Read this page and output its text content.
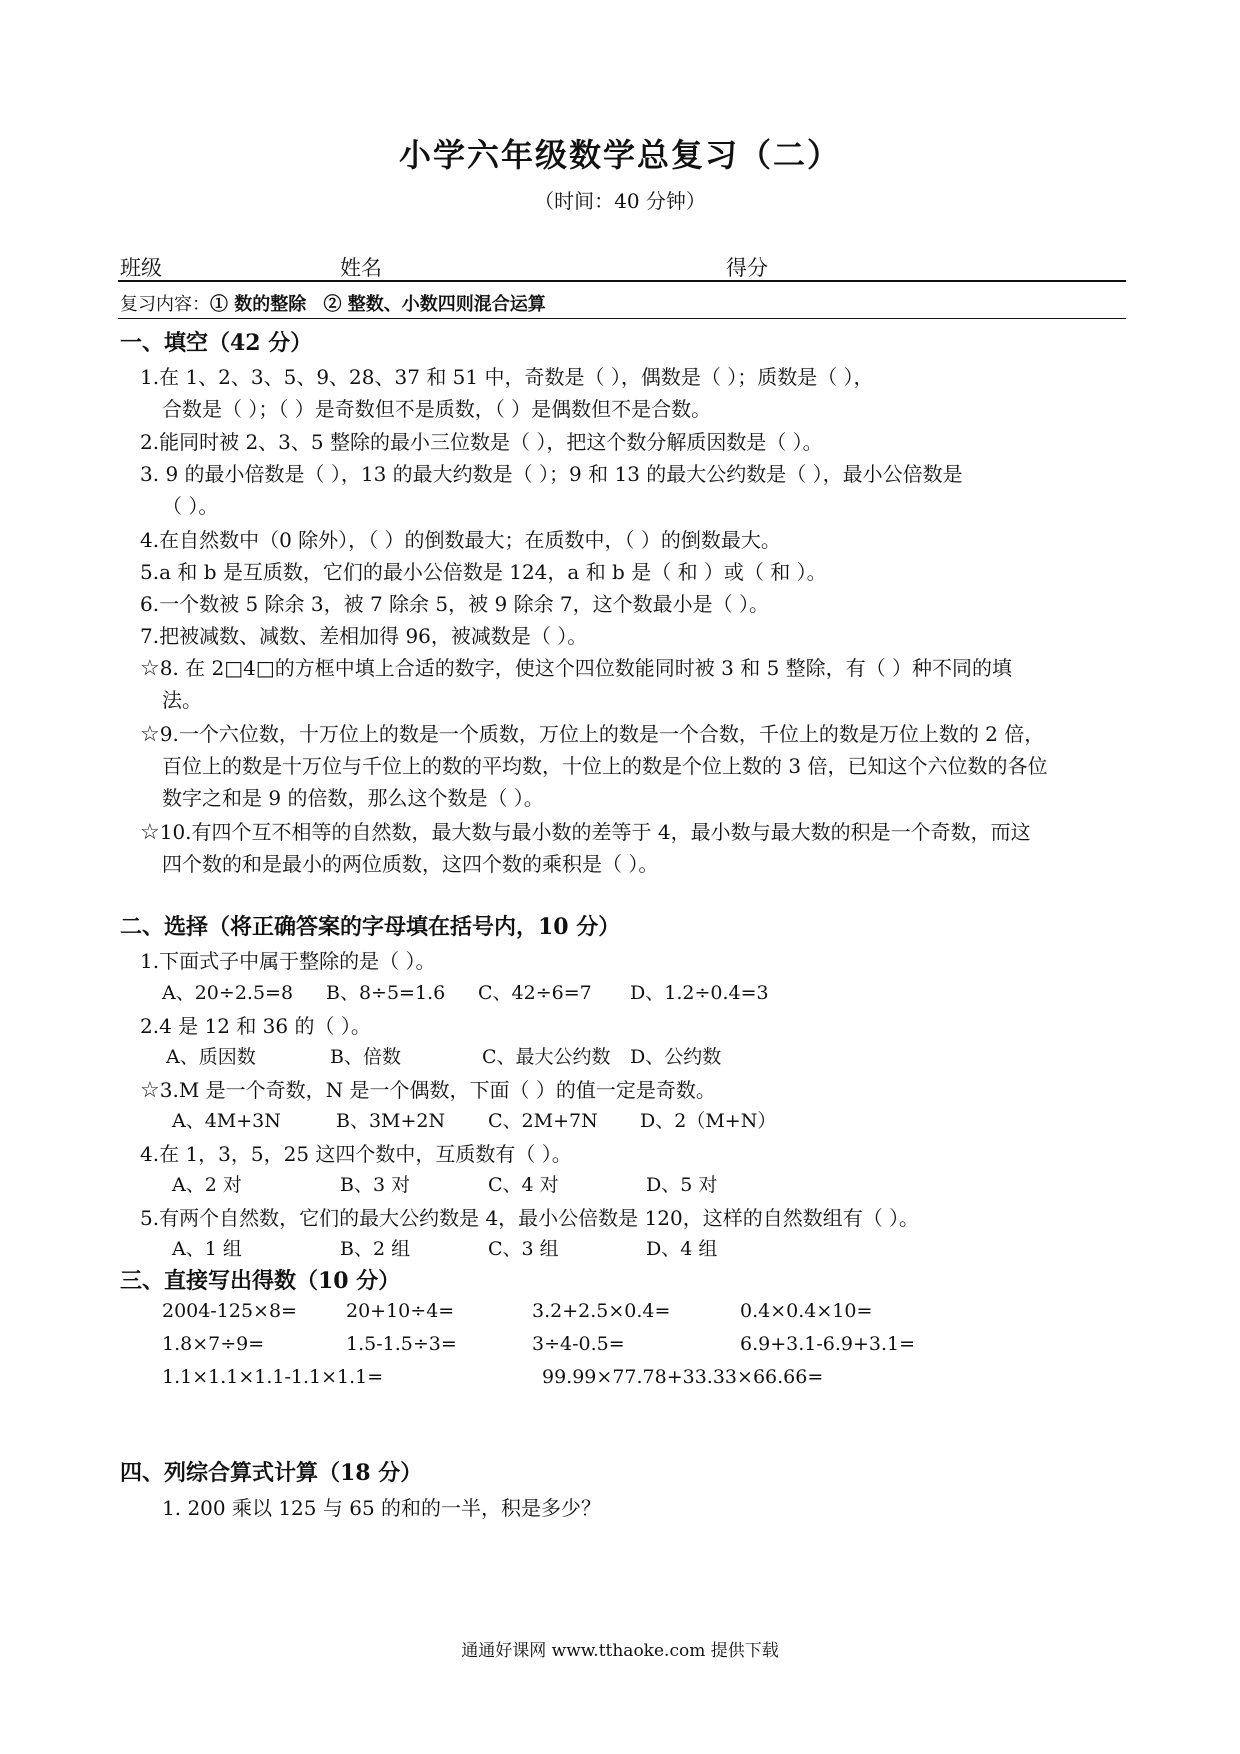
小学六年级数学总复习（二）
（时间：40 分钟）
班级	姓名	得分
复习内容：① 数的整除 ② 整数、小数四则混合运算
一、填空（42 分）
1.在 1、2、3、5、9、28、37 和 51 中，奇数是（ ），偶数是（ ）；质数是（ ），
合数是（ ）；（ ）是奇数但不是质数，（ ）是偶数但不是合数。
2.能同时被 2、3、5 整除的最小三位数是（ ），把这个数分解质因数是（ ）。
3. 9 的最小倍数是（ ），13 的最大约数是（ ）；9 和 13 的最大公约数是（ ），最小公倍数是
（ ）。
4.在自然数中（0 除外），（ ）的倒数最大；在质数中，（ ）的倒数最大。
5.a 和 b 是互质数，它们的最小公倍数是 124，a 和 b 是（ 和 ）或（ 和 ）。
6.一个数被 5 除余 3，被 7 除余 5，被 9 除余 7，这个数最小是（ ）。
7.把被减数、减数、差相加得 96，被减数是（ ）。
☆8. 在 2□4□的方框中填上合适的数字，使这个四位数能同时被 3 和 5 整除，有（ ）种不同的填
法。
☆9.一个六位数，十万位上的数是一个质数，万位上的数是一个合数，千位上的数是万位上数的 2 倍，
百位上的数是十万位与千位上的数的平均数，十位上的数是个位上数的 3 倍，已知这个六位数的各位
数字之和是 9 的倍数，那么这个数是（ ）。
☆10.有四个互不相等的自然数，最大数与最小数的差等于 4，最小数与最大数的积是一个奇数，而这
四个数的和是最小的两位质数，这四个数的乘积是（ ）。
二、选择（将正确答案的字母填在括号内，10 分）
1.下面式子中属于整除的是（ ）。
A、20÷2.5=8 B、8÷5=1.6 C、42÷6=7 D、1.2÷0.4=3
2.4 是 12 和 36 的（ ）。
A、质因数	B、倍数	C、最大公约数 D、公约数
☆3.M 是一个奇数，N 是一个偶数，下面（ ）的值一定是奇数。
A、4M+3N	B、3M+2N C、2M+7N D、2（M+N）
4.在 1，3，5，25 这四个数中，互质数有（ ）。
A、2 对	B、3 对	C、4 对	D、5 对
5.有两个自然数，它们的最大公约数是 4，最小公倍数是 120，这样的自然数组有（ ）。
A、1 组	B、2 组	C、3 组	D、4 组
三、直接写出得数（10 分）
2004-125×8=	20+10÷4=	3.2+2.5×0.4=	0.4×0.4×10=
1.8×7÷9=	1.5-1.5÷3=	3÷4-0.5=	6.9+3.1-6.9+3.1=
1.1×1.1×1.1-1.1×1.1=	99.99×77.78+33.33×66.66=
四、列综合算式计算（18 分）
1. 200 乘以 125 与 65 的和的一半，积是多少？
通通好课网 www.tthaoke.com 提供下载
